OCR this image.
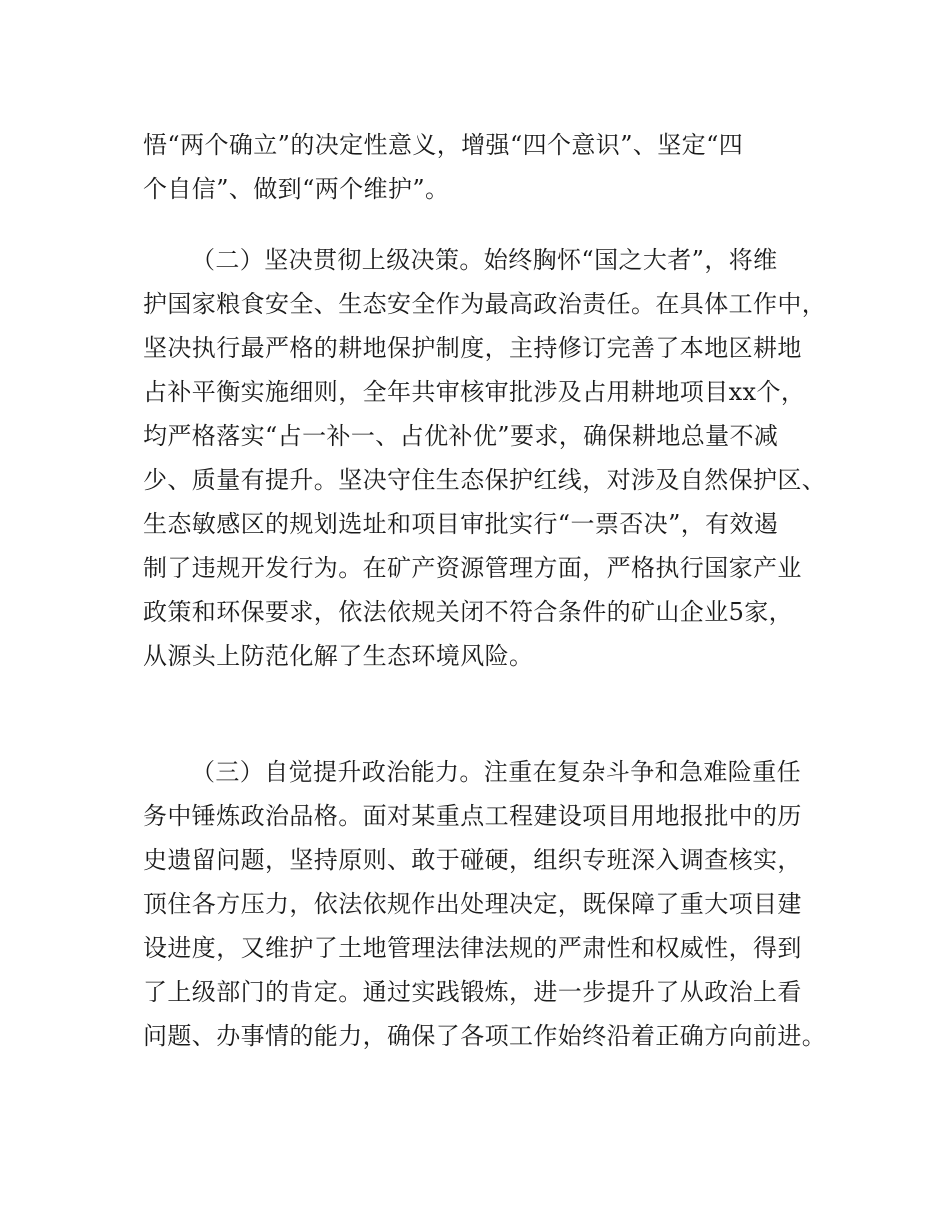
悟“两个确立”的决定性意义，增强“四个意识”、坚定“四
个自信”、做到“两个维护”。
（二）坚决贯彻上级决策。始终胸怀“国之大者”，将维
护国家粮食安全、生态安全作为最高政治责任。在具体工作中，
坚决执行最严格的耕地保护制度，主持修订完善了本地区耕地
占补平衡实施细则，全年共审核审批涉及占用耕地项目xx个，
均严格落实“占一补一、占优补优”要求，确保耕地总量不减
少、质量有提升。坚决守住生态保护红线，对涉及自然保护区、
生态敏感区的规划选址和项目审批实行“一票否决”，有效遏
制了违规开发行为。在矿产资源管理方面，严格执行国家产业
政策和环保要求，依法依规关闭不符合条件的矿山企业5家，
从源头上防范化解了生态环境风险。
（三）自觉提升政治能力。注重在复杂斗争和急难险重任
务中锤炼政治品格。面对某重点工程建设项目用地报批中的历
史遗留问题，坚持原则、敢于碰硬，组织专班深入调查核实，
顶住各方压力，依法依规作出处理决定，既保障了重大项目建
设进度，又维护了土地管理法律法规的严肃性和权威性，得到
了上级部门的肯定。通过实践锻炼，进一步提升了从政治上看
问题、办事情的能力，确保了各项工作始终沿着正确方向前进。
